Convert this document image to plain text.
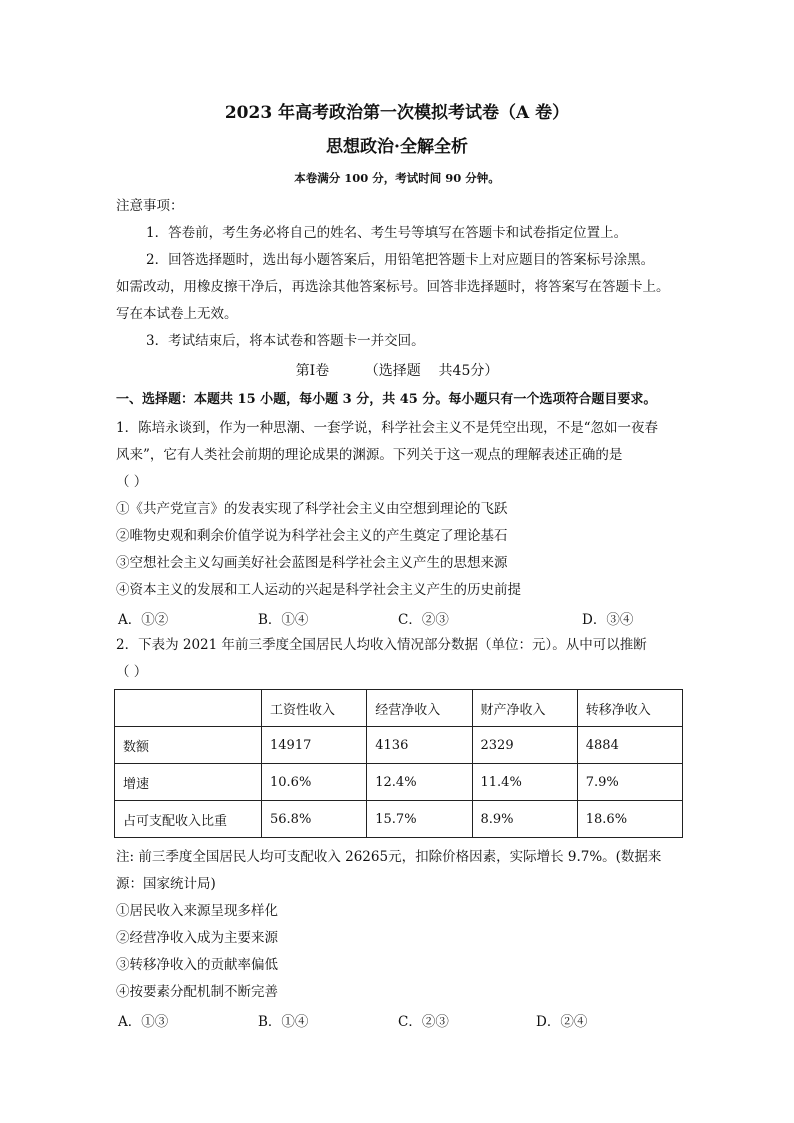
2023 年高考政治第一次模拟考试卷（A 卷）
思想政治·全解全析
本卷满分 100 分，考试时间 90 分钟。
注意事项：
1．答卷前，考生务必将自己的姓名、考生号等填写在答题卡和试卷指定位置上。
2．回答选择题时，选出每小题答案后，用铅笔把答题卡上对应题目的答案标号涂黑。
如需改动，用橡皮擦干净后，再选涂其他答案标号。回答非选择题时，将答案写在答题卡上。
写在本试卷上无效。
3．考试结束后，将本试卷和答题卡一并交回。
第Ⅰ卷        （选择题    共45分）
一、选择题：本题共 15 小题，每小题 3 分，共 45 分。每小题只有一个选项符合题目要求。
1．陈培永谈到，作为一种思潮、一套学说，科学社会主义不是凭空出现，不是“忽如一夜春
风来”，它有人类社会前期的理论成果的渊源。下列关于这一观点的理解表述正确的是
（ ）
①《共产党宣言》的发表实现了科学社会主义由空想到理论的飞跃
②唯物史观和剩余价值学说为科学社会主义的产生奠定了理论基石
③空想社会主义勾画美好社会蓝图是科学社会主义产生的思想来源
④资本主义的发展和工人运动的兴起是科学社会主义产生的历史前提
A．①②	B．①④	C．②③	D．③④
2．下表为 2021 年前三季度全国居民人均收入情况部分数据（单位：元）。从中可以推断
（ ）
	工资性收入	经营净收入	财产净收入	转移净收入
数额	14917	4136	2329	4884
增速	10.6%	12.4%	11.4%	7.9%
占可支配收入比重	56.8%	15.7%	8.9%	18.6%
注: 前三季度全国居民人均可支配收入 26265元，扣除价格因素，实际增长 9.7%。(数据来
源：国家统计局)
①居民收入来源呈现多样化
②经营净收入成为主要来源
③转移净收入的贡献率偏低
④按要素分配机制不断完善
A．①③	B．①④	C．②③	D．②④
